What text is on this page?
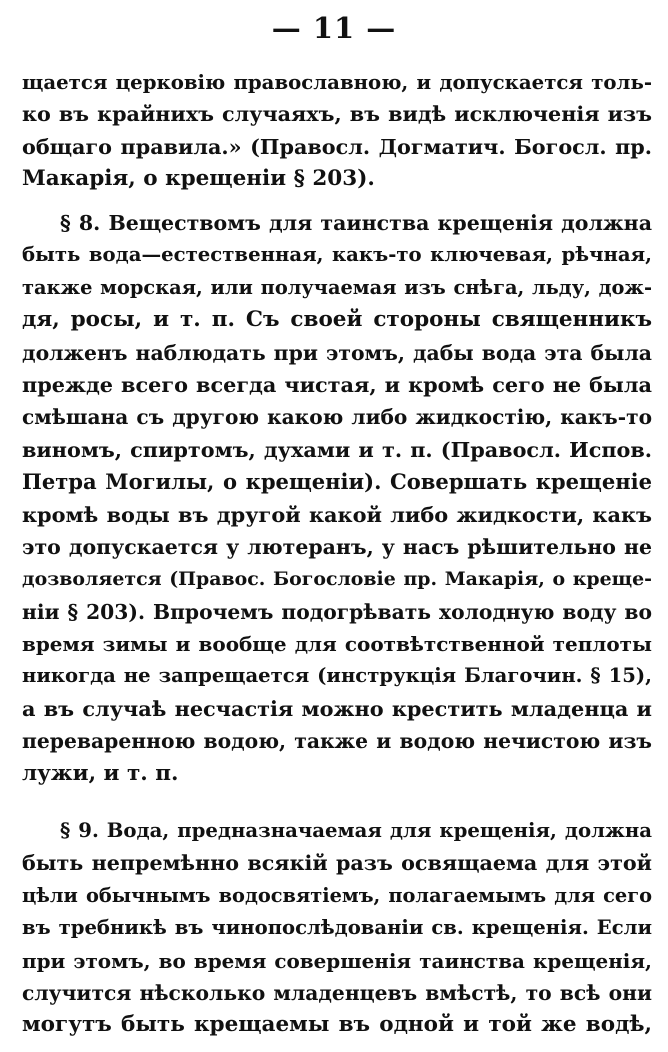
— 11 —
щается церковію православною, и допускается толь-
ко въ крайнихъ случаяхъ, въ видѣ исключенія изъ
общаго правила.» (Правосл. Догматич. Богосл. пр.
Макарія, о крещеніи § 203).
§ 8. Веществомъ для таинства крещенія должна
быть вода—естественная, какъ-то ключевая, рѣчная,
также морская, или получаемая изъ снѣга, льду, дож-
дя, росы, и т. п. Съ своей стороны священникъ
долженъ наблюдать при этомъ, дабы вода эта была
прежде всего всегда чистая, и кромѣ сего не была
смѣшана съ другою какою либо жидкостію, какъ-то
виномъ, спиртомъ, духами и т. п. (Правосл. Испов.
Петра Могилы, о крещеніи). Совершать крещеніе
кромѣ воды въ другой какой либо жидкости, какъ
это допускается у лютеранъ, у насъ рѣшительно не
дозволяется (Правос. Богословіе пр. Макарія, о креще-
ніи § 203). Впрочемъ подогрѣвать холодную воду во
время зимы и вообще для соотвѣтственной теплоты
никогда не запрещается (инструкція Благочин. § 15),
а въ случаѣ несчастія можно крестить младенца и
переваренною водою, также и водою нечистою изъ
лужи, и т. п.
§ 9. Вода, предназначаемая для крещенія, должна
быть непремѣнно всякій разъ освящаема для этой
цѣли обычнымъ водосвятіемъ, полагаемымъ для сего
въ требникѣ въ чинопослѣдованіи св. крещенія. Если
при этомъ, во время совершенія таинства крещенія,
случится нѣсколько младенцевъ вмѣстѣ, то всѣ они
могутъ быть крещаемы въ одной и той же водѣ,
